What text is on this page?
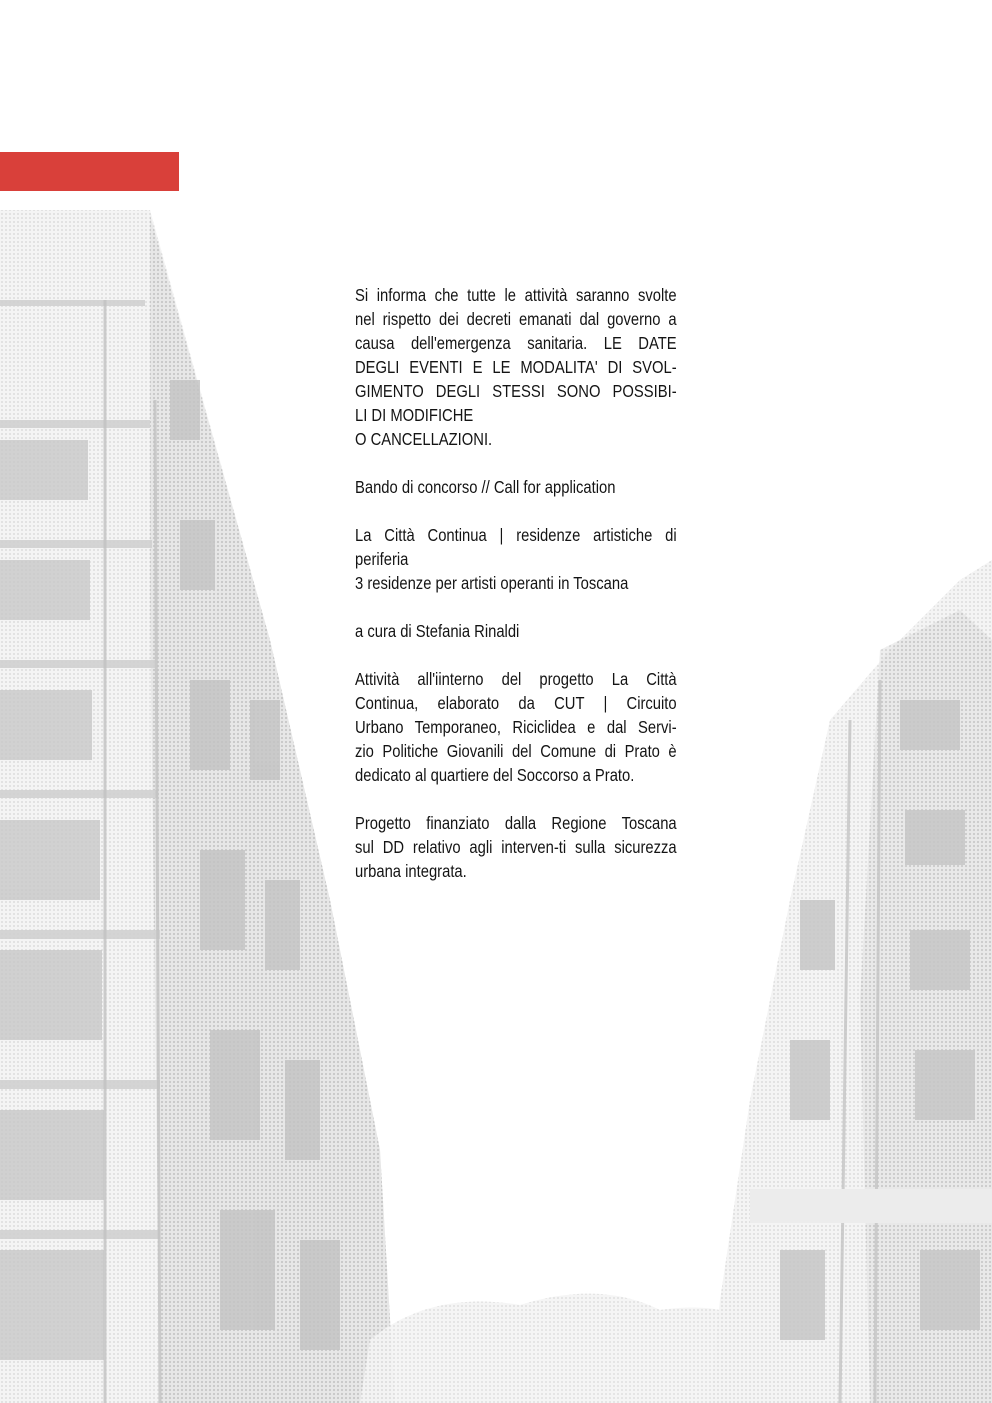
Si informa che tutte le attività saranno svolte
nel rispetto dei decreti emanati dal governo a
causa dell'emergenza sanitaria. LE DATE
DEGLI EVENTI E LE MODALITA' DI SVOL-
GIMENTO DEGLI STESSI SONO POSSIBI-
LI DI MODIFICHE
O CANCELLAZIONI.
Bando di concorso // Call for application
La Città Continua | residenze artistiche di
periferia
3 residenze per artisti operanti in Toscana
a cura di Stefania Rinaldi
Attività all'iinterno del progetto La Città
Continua, elaborato da CUT | Circuito
Urbano Temporaneo, Riciclidea e dal Servi-
zio Politiche Giovanili del Comune di Prato è
dedicato al quartiere del Soccorso a Prato.
Progetto finanziato dalla Regione Toscana
sul DD relativo agli interven-ti sulla sicurezza
urbana integrata.
